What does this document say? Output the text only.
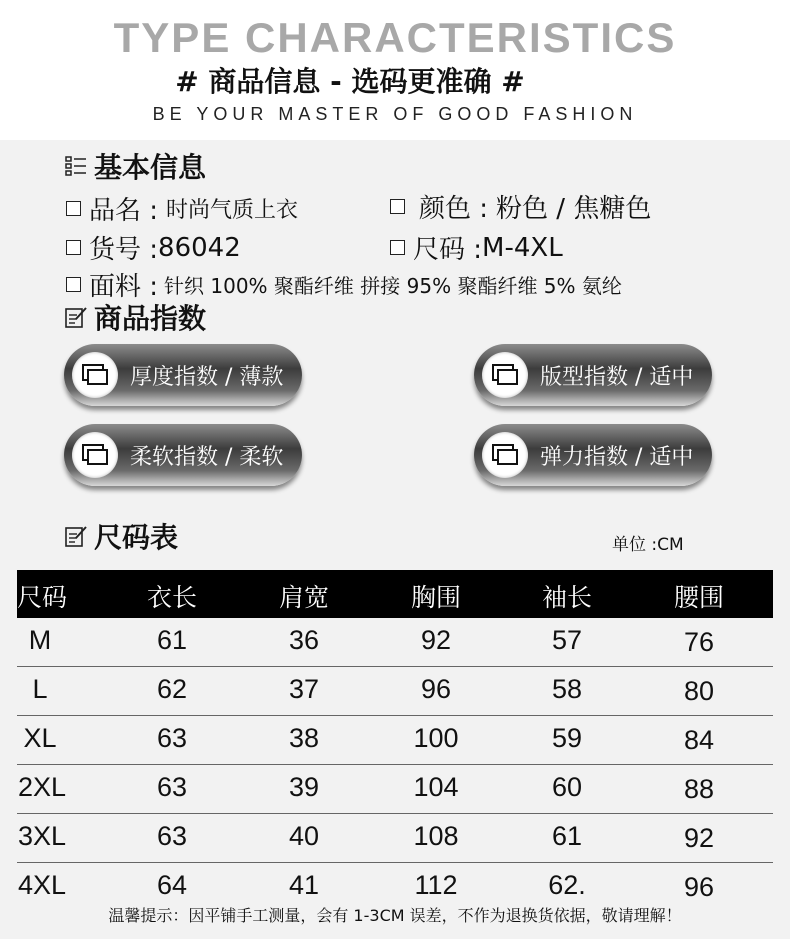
TYPE CHARACTERISTICS
# 商品信息 - 选码更准确 #
BE YOUR MASTER OF GOOD FASHION
基本信息
品名 : 时尚气质上衣	颜色 : 粉色 / 焦糖色
货号 : 86042	尺码 : M-4XL
面料 : 针织 100% 聚酯纤维 拼接 95% 聚酯纤维 5% 氨纶
商品指数
厚度指数 / 薄款	版型指数 / 适中
柔软指数 / 柔软	弹力指数 / 适中
尺码表	单位 :CM
尺码	衣长	肩宽	胸围	袖长	腰围
M	61	36	92	57	76
L	62	37	96	58	80
XL	63	38	100	59	84
2XL	63	39	104	60	88
3XL	63	40	108	61	92
4XL	64	41	112	62.	96
温馨提示：因平铺手工测量，会有 1-3CM 误差，不作为退换货依据，敬请理解！
